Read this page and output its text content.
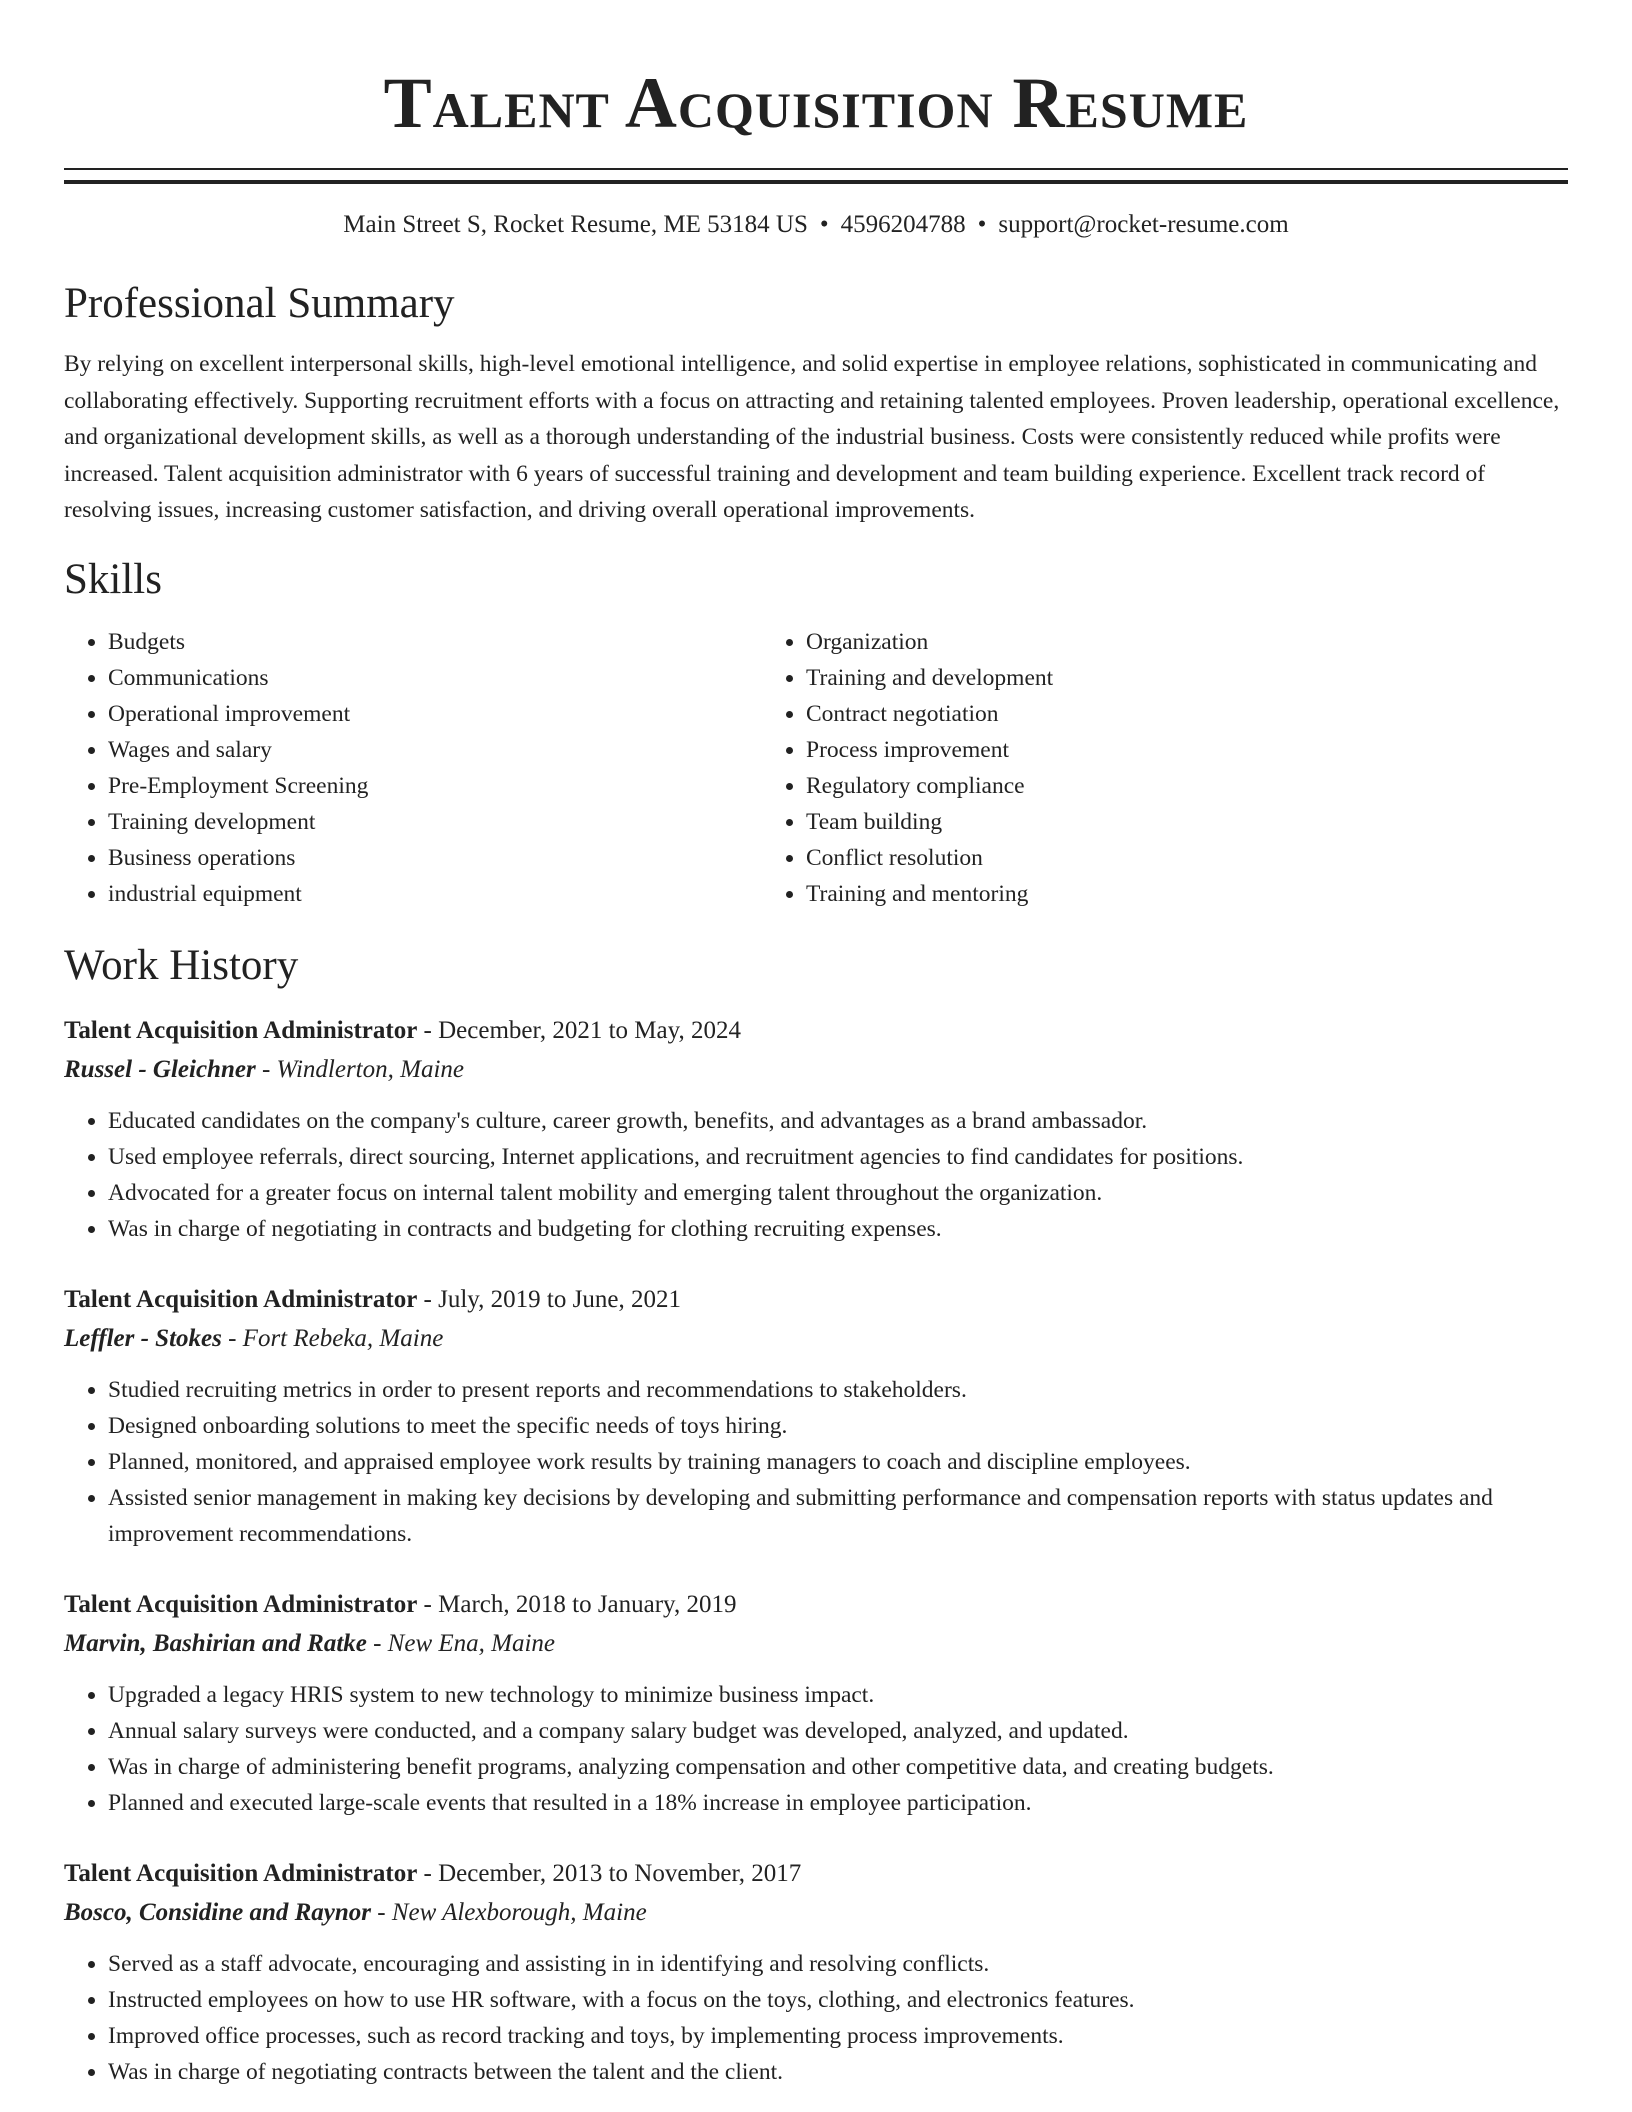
Talent Acquisition Resume
Main Street S, Rocket Resume, ME 53184 US • 4596204788 • support@rocket-resume.com
Professional Summary

By relying on excellent interpersonal skills, high-level emotional intelligence, and solid expertise in employee relations, sophisticated in communicating and collaborating effectively. Supporting recruitment efforts with a focus on attracting and retaining talented employees. Proven leadership, operational excellence, and organizational development skills, as well as a thorough understanding of the industrial business. Costs were consistently reduced while profits were increased. Talent acquisition administrator with 6 years of successful training and development and team building experience. Excellent track record of resolving issues, increasing customer satisfaction, and driving overall operational improvements.

Skills
• Budgets
• Communications
• Operational improvement
• Wages and salary
• Pre-Employment Screening
• Training development
• Business operations
• industrial equipment
• Organization
• Training and development
• Contract negotiation
• Process improvement
• Regulatory compliance
• Team building
• Conflict resolution
• Training and mentoring
Work History
Talent Acquisition Administrator - December, 2021 to May, 2024
Russel - Gleichner - Windlerton, Maine
• Educated candidates on the company's culture, career growth, benefits, and advantages as a brand ambassador.
• Used employee referrals, direct sourcing, Internet applications, and recruitment agencies to find candidates for positions.
• Advocated for a greater focus on internal talent mobility and emerging talent throughout the organization.
• Was in charge of negotiating in contracts and budgeting for clothing recruiting expenses.
Talent Acquisition Administrator - July, 2019 to June, 2021
Leffler - Stokes - Fort Rebeka, Maine
• Studied recruiting metrics in order to present reports and recommendations to stakeholders.
• Designed onboarding solutions to meet the specific needs of toys hiring.
• Planned, monitored, and appraised employee work results by training managers to coach and discipline employees.
• Assisted senior management in making key decisions by developing and submitting performance and compensation reports with status updates and improvement recommendations.
Talent Acquisition Administrator - March, 2018 to January, 2019
Marvin, Bashirian and Ratke - New Ena, Maine
• Upgraded a legacy HRIS system to new technology to minimize business impact.
• Annual salary surveys were conducted, and a company salary budget was developed, analyzed, and updated.
• Was in charge of administering benefit programs, analyzing compensation and other competitive data, and creating budgets.
• Planned and executed large-scale events that resulted in a 18% increase in employee participation.
Talent Acquisition Administrator - December, 2013 to November, 2017
Bosco, Considine and Raynor - New Alexborough, Maine
• Served as a staff advocate, encouraging and assisting in in identifying and resolving conflicts.
• Instructed employees on how to use HR software, with a focus on the toys, clothing, and electronics features.
• Improved office processes, such as record tracking and toys, by implementing process improvements.
• Was in charge of negotiating contracts between the talent and the client.
